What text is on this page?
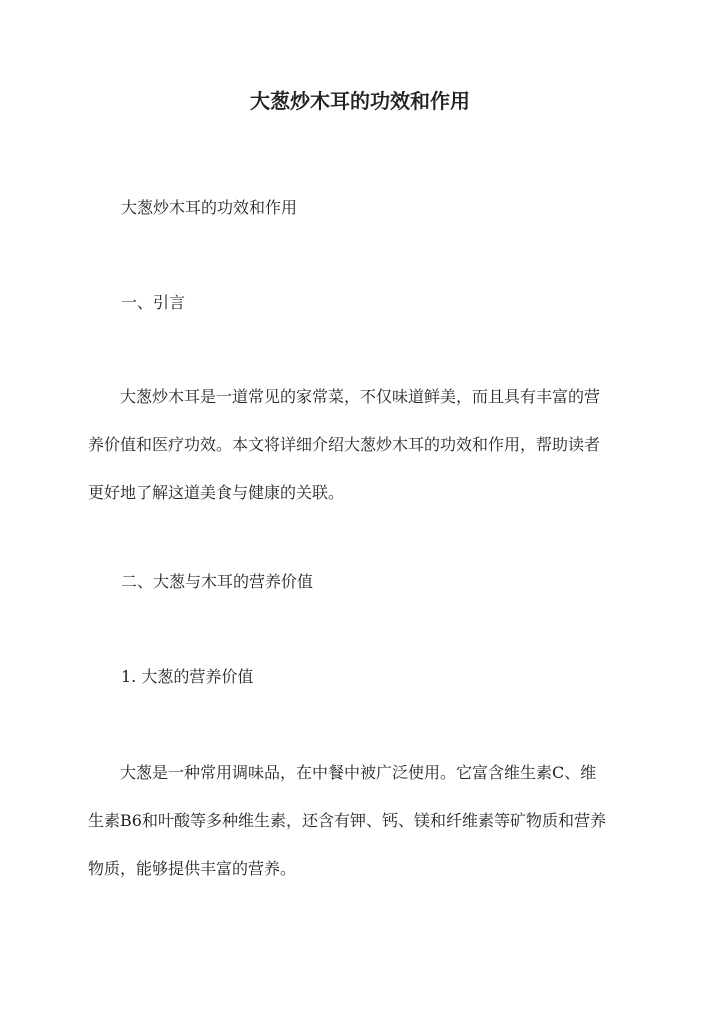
大葱炒木耳的功效和作用
大葱炒木耳的功效和作用
一、引言
　　大葱炒木耳是一道常见的家常菜，不仅味道鲜美，而且具有丰富的营
养价值和医疗功效。本文将详细介绍大葱炒木耳的功效和作用，帮助读者
更好地了解这道美食与健康的关联。
二、大葱与木耳的营养价值
1. 大葱的营养价值
　　大葱是一种常用调味品，在中餐中被广泛使用。它富含维生素C、维
生素B6和叶酸等多种维生素，还含有钾、钙、镁和纤维素等矿物质和营养
物质，能够提供丰富的营养。
